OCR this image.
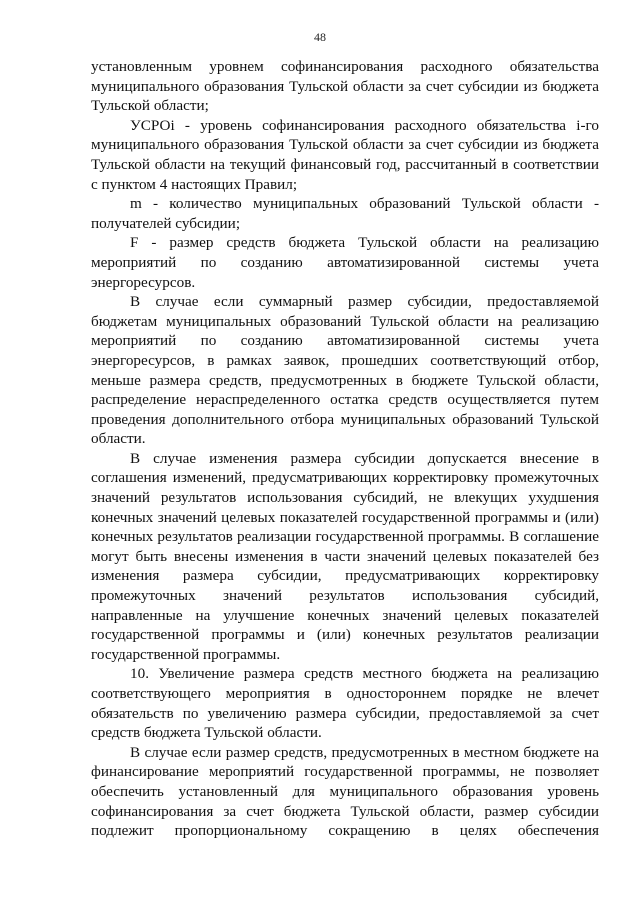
48

установленным уровнем софинансирования расходного обязательства муниципального образования Тульской области за счет субсидии из бюджета Тульской области;

УСРОi - уровень софинансирования расходного обязательства i-го муниципального образования Тульской области за счет субсидии из бюджета Тульской области на текущий финансовый год, рассчитанный в соответствии с пунктом 4 настоящих Правил;

m - количество муниципальных образований Тульской области - получателей субсидии;

F - размер средств бюджета Тульской области на реализацию мероприятий по созданию автоматизированной системы учета энергоресурсов.

В случае если суммарный размер субсидии, предоставляемой бюджетам муниципальных образований Тульской области на реализацию мероприятий по созданию автоматизированной системы учета энергоресурсов, в рамках заявок, прошедших соответствующий отбор, меньше размера средств, предусмотренных в бюджете Тульской области, распределение нераспределенного остатка средств осуществляется путем проведения дополнительного отбора муниципальных образований Тульской области.

В случае изменения размера субсидии допускается внесение в соглашения изменений, предусматривающих корректировку промежуточных значений результатов использования субсидий, не влекущих ухудшения конечных значений целевых показателей государственной программы и (или) конечных результатов реализации государственной программы. В соглашение могут быть внесены изменения в части значений целевых показателей без изменения размера субсидии, предусматривающих корректировку промежуточных значений результатов использования субсидий, направленные на улучшение конечных значений целевых показателей государственной программы и (или) конечных результатов реализации государственной программы.

10. Увеличение размера средств местного бюджета на реализацию соответствующего мероприятия в одностороннем порядке не влечет обязательств по увеличению размера субсидии, предоставляемой за счет средств бюджета Тульской области.

В случае если размер средств, предусмотренных в местном бюджете на финансирование мероприятий государственной программы, не позволяет обеспечить установленный для муниципального образования уровень софинансирования за счет бюджета Тульской области, размер субсидии подлежит пропорциональному сокращению в целях обеспечения
